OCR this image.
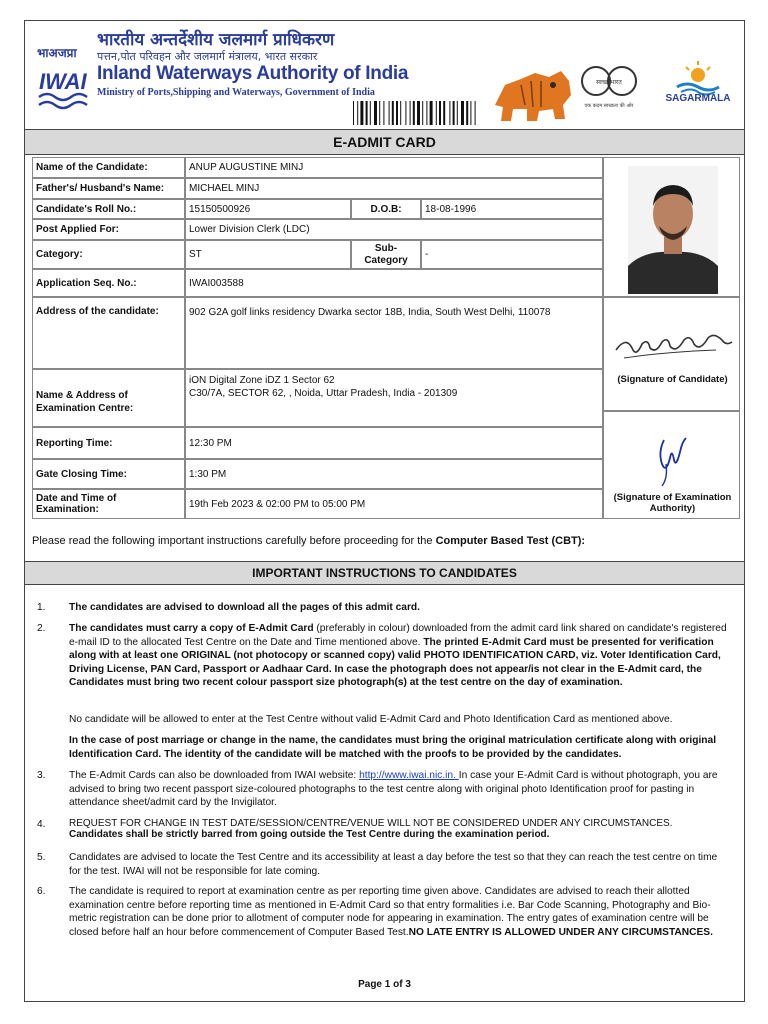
भाअजप्रा
IWAI
भारतीय अन्तर्देशीय जलमार्ग प्राधिकरण
पत्तन,पोत परिवहन और जलमार्ग मंत्रालय, भारत सरकार
Inland Waterways Authority of India
Ministry of Ports,Shipping and Waterways, Government of India
स्वच्छ भारत
एक कदम स्वच्छता की ओर
SAGARMALA
E-ADMIT CARD
Name of the Candidate:	ANUP AUGUSTINE MINJ
Father's/ Husband's Name:	MICHAEL MINJ
Candidate's Roll No.:	15150500926	D.O.B:	18-08-1996
Post Applied For:	Lower Division Clerk (LDC)
Category:	ST
Sub-
Category	-
Application Seq. No.:	IWAI003588
Address of the candidate:	902 G2A golf links residency Dwarka sector 18B, India, South West Delhi, 110078
(Signature of Candidate)
Name & Address of
Examination Centre:
iON Digital Zone iDZ 1 Sector 62
C30/7A, SECTOR 62, , Noida, Uttar Pradesh, India - 201309
Reporting Time:	12:30 PM
(Signature of Examination
Authority)
Gate Closing Time:	1:30 PM
Date and Time of Examination:	19th Feb 2023 & 02:00 PM to 05:00 PM
Please read the following important instructions carefully before proceeding for the Computer Based Test (CBT):
IMPORTANT INSTRUCTIONS TO CANDIDATES
1.	The candidates are advised to download all the pages of this admit card.
2.	The candidates must carry a copy of E-Admit Card (preferably in colour) downloaded from the admit card link shared on candidate's registered e-mail ID to the allocated Test Centre on the Date and Time mentioned above. The printed E-Admit Card must be presented for verification along with at least one ORIGINAL (not photocopy or scanned copy) valid PHOTO IDENTIFICATION CARD, viz. Voter Identification Card, Driving License, PAN Card, Passport or Aadhaar Card. In case the photograph does not appear/is not clear in the E-Admit card, the Candidates must bring two recent colour passport size photograph(s) at the test centre on the day of examination.
No candidate will be allowed to enter at the Test Centre without valid E-Admit Card and Photo Identification Card as mentioned above.
In the case of post marriage or change in the name, the candidates must bring the original matriculation certificate along with original Identification Card. The identity of the candidate will be matched with the proofs to be provided by the candidates.
3.	The E-Admit Cards can also be downloaded from IWAI website: http://www.iwai.nic.in. In case your E-Admit Card is without photograph, you are advised to bring two recent passport size-coloured photographs to the test centre along with original photo Identification proof for pasting in attendance sheet/admit card by the Invigilator.
4.	REQUEST FOR CHANGE IN TEST DATE/SESSION/CENTRE/VENUE WILL NOT BE CONSIDERED UNDER ANY CIRCUMSTANCES.
Candidates shall be strictly barred from going outside the Test Centre during the examination period.
5.	Candidates are advised to locate the Test Centre and its accessibility at least a day before the test so that they can reach the test centre on time for the test. IWAI will not be responsible for late coming.
6.	The candidate is required to report at examination centre as per reporting time given above. Candidates are advised to reach their allotted examination centre before reporting time as mentioned in E-Admit Card so that entry formalities i.e. Bar Code Scanning, Photography and Bio-metric registration can be done prior to allotment of computer node for appearing in examination. The entry gates of examination centre will be closed before half an hour before commencement of Computer Based Test.NO LATE ENTRY IS ALLOWED UNDER ANY CIRCUMSTANCES.
Page 1 of 3
